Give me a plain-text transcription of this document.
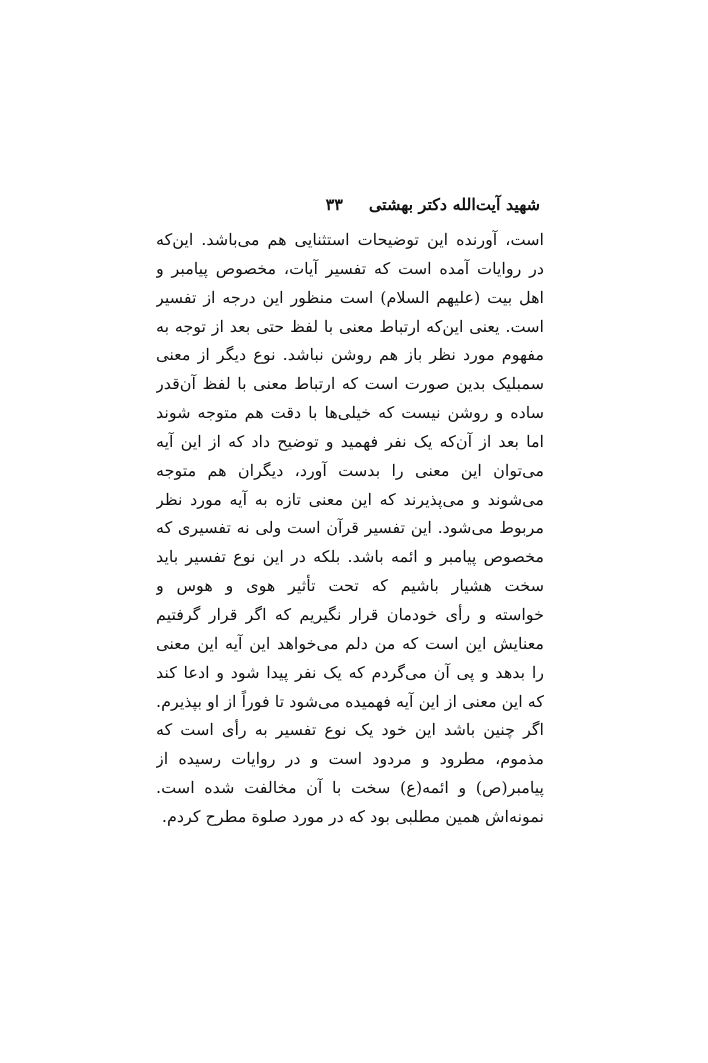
شهید آیت‌الله دکتر بهشتی
۳۳
است، آورنده این توضیحات استثنایی هم می‌باشد. این‌که
در روایات آمده است که تفسیر آیات، مخصوص پیامبر و
اهل بیت (علیهم السلام) است منظور این درجه از تفسیر
است. یعنی این‌که ارتباط معنی با لفظ حتی بعد از توجه به
مفهوم مورد نظر باز هم روشن نباشد. نوع دیگر از معنی
سمبلیک بدین صورت است که ارتباط معنی با لفظ آن‌قدر
ساده و روشن نیست که خیلی‌ها با دقت هم متوجه شوند
اما بعد از آن‌که یک نفر فهمید و توضیح داد که از این آیه
می‌توان این معنی را بدست آورد، دیگران هم متوجه
می‌شوند و می‌پذیرند که این معنی تازه به آیه مورد نظر
مربوط می‌شود. این تفسیر قرآن است ولی نه تفسیری که
مخصوص پیامبر و ائمه باشد. بلکه در این نوع تفسیر باید
سخت هشیار باشیم که تحت تأثیر هوی و هوس و
خواسته و رأی خودمان قرار نگیریم که اگر قرار گرفتیم
معنایش این است که من دلم می‌خواهد این آیه این معنی
را بدهد و پی آن می‌گردم که یک نفر پیدا شود و ادعا کند
که این معنی از این آیه فهمیده می‌شود تا فوراً از او بپذیرم.
اگر چنین باشد این خود یک نوع تفسیر به رأی است که
مذموم، مطرود و مردود است و در روایات رسیده از
پیامبر(ص) و ائمه(ع) سخت با آن مخالفت شده است.
نمونه‌اش همین مطلبی بود که در مورد صلوة مطرح کردم.
